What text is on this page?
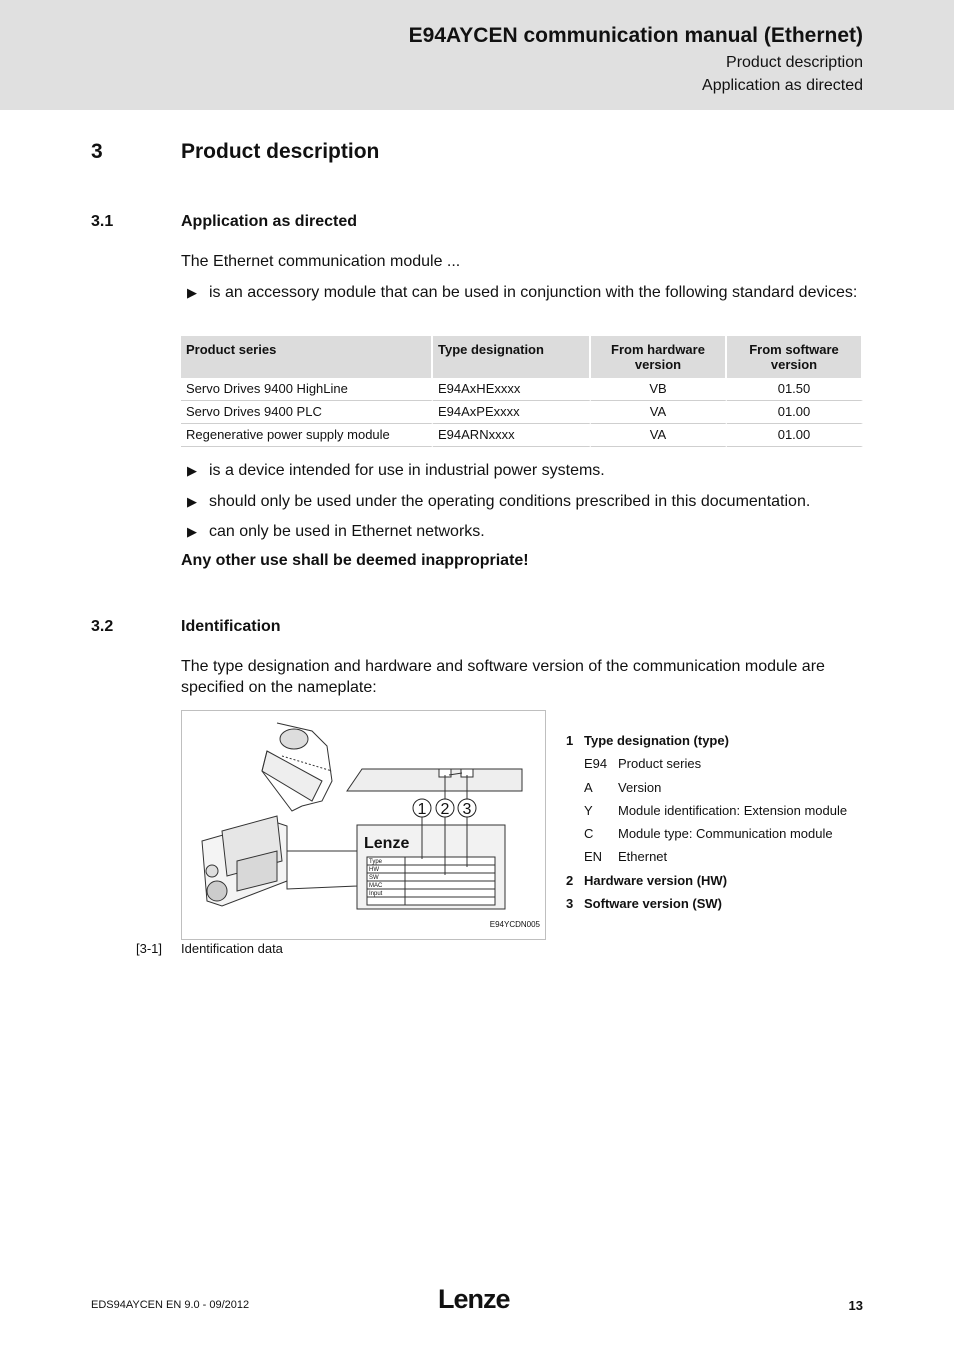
E94AYCEN communication manual (Ethernet)
Product description
Application as directed
3	Product description
3.1	Application as directed
The Ethernet communication module ...
▶ is an accessory module that can be used in conjunction with the following standard devices:
Product series	Type designation	From hardware version	From software version
Servo Drives 9400 HighLine	E94AxHExxxx	VB	01.50
Servo Drives 9400 PLC	E94AxPExxxx	VA	01.00
Regenerative power supply module	E94ARNxxxx	VA	01.00
▶ is a device intended for use in industrial power systems.
▶ should only be used under the operating conditions prescribed in this documentation.
▶ can only be used in Ethernet networks.
Any other use shall be deemed inappropriate!
3.2	Identification
The type designation and hardware and software version of the communication module are specified on the nameplate:
1 2 3
Lenze
Type
HW
SW
MAC
Input
E94YCDN005
1 Type designation (type)
E94 Product series
A Version
Y Module identification: Extension module
C Module type: Communication module
EN Ethernet
2 Hardware version (HW)
3 Software version (SW)
[3-1] Identification data
EDS94AYCEN EN 9.0 - 09/2012	Lenze	13
